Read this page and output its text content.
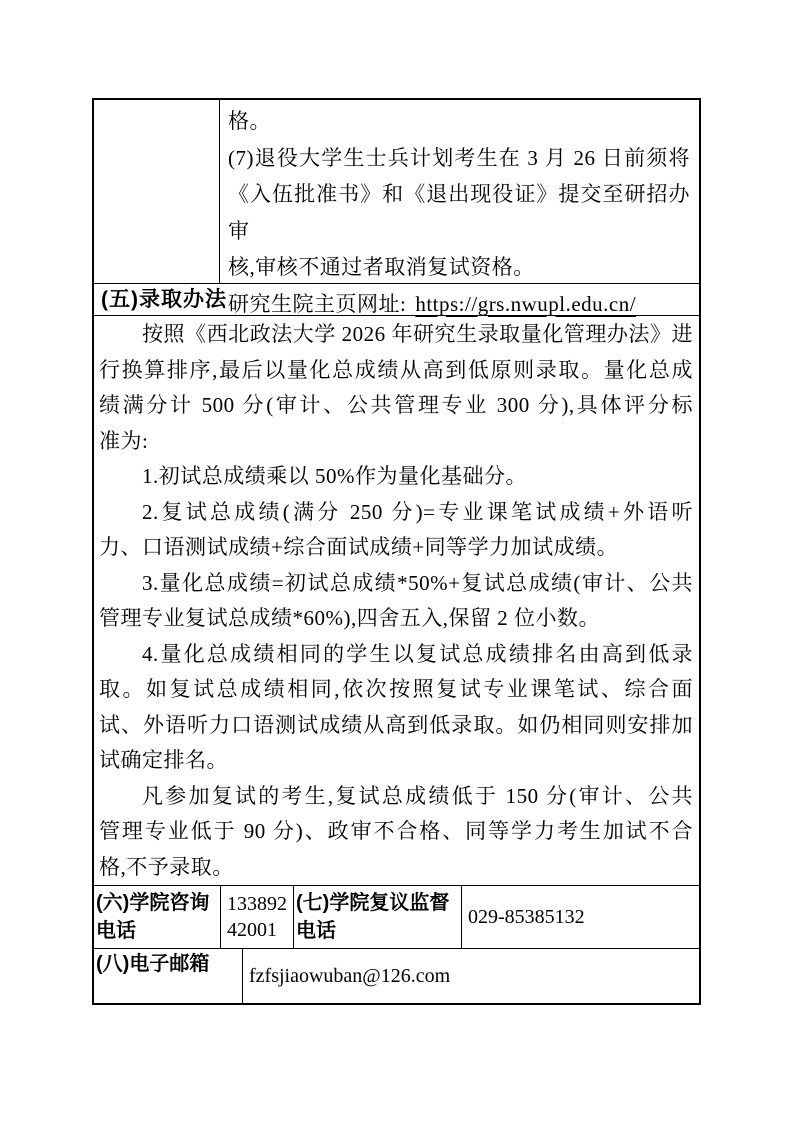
格。
(7)退役大学生士兵计划考生在 3 月 26 日前须将
《入伍批准书》和《退出现役证》提交至研招办审
核,审核不通过者取消复试资格。
研究生院主页网址: https://grs.nwupl.edu.cn/
(五)录取办法
按照《西北政法大学 2026 年研究生录取量化管理办法》进
行换算排序,最后以量化总成绩从高到低原则录取。量化总成
绩满分计 500 分(审计、公共管理专业 300 分),具体评分标
准为:
1.初试总成绩乘以 50%作为量化基础分。
2.复试总成绩(满分 250 分)=专业课笔试成绩+外语听
力、口语测试成绩+综合面试成绩+同等学力加试成绩。
3.量化总成绩=初试总成绩*50%+复试总成绩(审计、公共
管理专业复试总成绩*60%),四舍五入,保留 2 位小数。
4.量化总成绩相同的学生以复试总成绩排名由高到低录
取。如复试总成绩相同,依次按照复试专业课笔试、综合面
试、外语听力口语测试成绩从高到低录取。如仍相同则安排加
试确定排名。
凡参加复试的考生,复试总成绩低于 150 分(审计、公共
管理专业低于 90 分)、政审不合格、同等学力考生加试不合
格,不予录取。
(六)学院咨询电话
13389242001
(七)学院复议监督电话
029-85385132
(八)电子邮箱
fzfsjiaowuban@126.com
